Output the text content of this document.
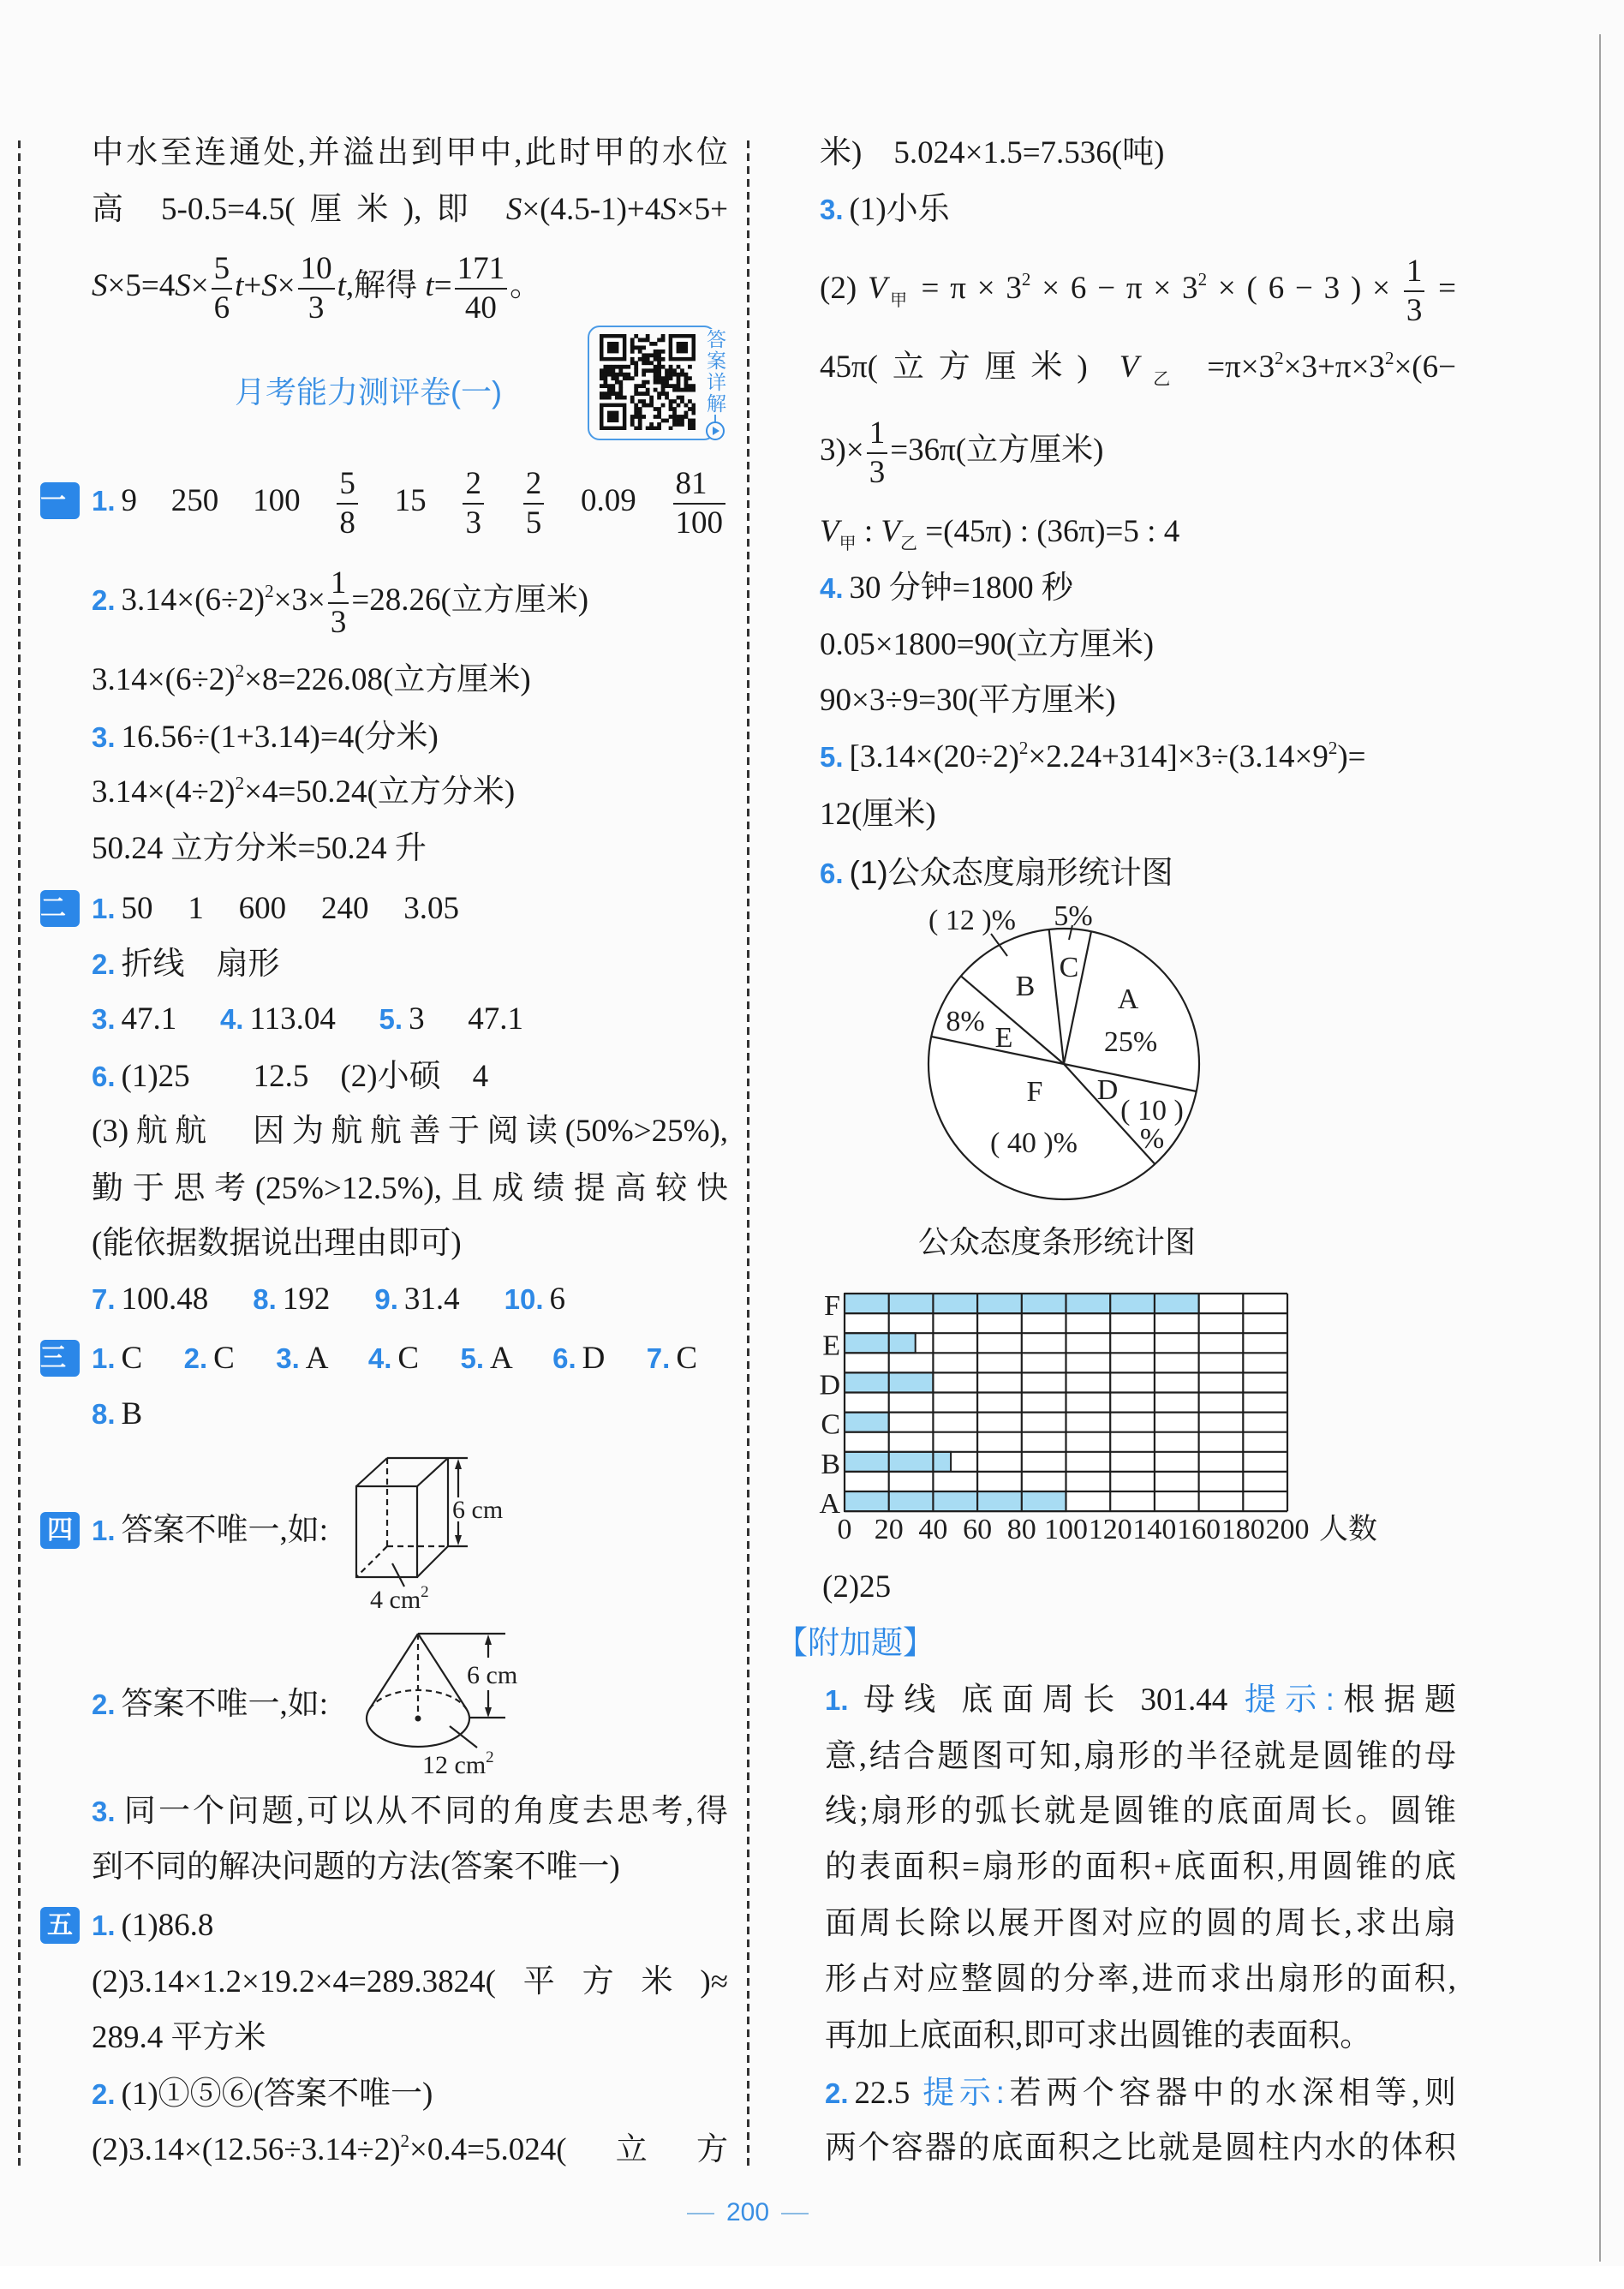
中水至连通处,并溢出到甲中,此时甲的水位
高 5-0.5=4.5(厘米),即 S×(4.5-1)+4S×5+
$S\times 5=4S\times \frac{5}{6} t+S\times \frac{10}{3} t$,解得 $t= \frac{171}{40}$ 。
月考能力测评卷(一)	答案详解
一 1. 9 250 $100 \frac{5}{8} 15 \frac{2}{3}$
$\frac{2}{5} 0.09 \frac{81}{100}$
2. $3.14\times(6\div 2)^2\times 3\times \frac{1}{3} =28.26$(立方厘米)
$3.14\times(6\div 2)^2\times 8=226.08$(立方厘米)
3. 16.56÷(1+3.14)=4(分米)
$3.14\times(4\div 2)^2\times 4=50.24$(立方分米)
50.24 立方分米=50.24 升
二 1. 50 1 600 240 3.05
2. 折线 扇形
3. 47.1 4. 113.04 5. 3 47.1
6. (1)25  12.5 (2)小硕 4
(3)航航 因为航航善于阅读(50%>25%),
勤于思考(25%>12.5%),且成绩提高较快
(能依据数据说出理由即可)
7. 100.48 8. 192 9. 31.4 10. 6
三 1. C 2. C 3. A 4. C 5. A 6. D 7. C
8. B
四 1. 答案不唯一,如:
2. 答案不唯一,如:
6 cm
4 $cm^2$
6 cm
12 $cm^2$
3. 同一个问题,可以从不同的角度去思考,得
到不同的解决问题的方法(答案不唯一)
五 1. (1)86.8
(2)3.14×1.2×19.2×4=289.3824(平方米)≈
289.4 平方米
2. (1)①⑤⑥(答案不唯一)
$(2)3.14\times(12.56\div 3.14\div 2)^2\times 0.4=5.024$(立方
米) 5.024×1.5=7.536(吨)
3. (1)小乐
(2) $V_甲 = \pi \times 3^2 \times 6 - \pi \times 3^2$ × ( 6 − 3 ) × $\frac{1}{3}$ =
45π(立方厘米) $V_乙 =\pi\times 3^2\times 3+\pi\times 3^2\times(6-$
$3)\times \frac{1}{3} =36\pi$(立方厘米)
$V_甲$ : $V_乙 =(45\pi)$ : (36π)=5 : 4
4. 30 分钟=1800 秒
0.05×1800=90(立方厘米)
90×3÷9=30(平方厘米)
5. $[3.14\times(20\div 2)^2\times 2.24+314]\times 3\div(3.14\times 9^2)=$
12(厘米)
6. (1)公众态度扇形统计图
( 12 )% 5%
C
B	A
25%
8%
E
F
( 40 )%
D
( 10 )
%
公众态度条形统计图
A
B
C
D
E
F
0 20 40 60 80 100 120 140 160 180 200 人数
(2)25
【附加题】
1. 母线 底面周长 301.44 提示:根据题
意,结合题图可知,扇形的半径就是圆锥的母
线;扇形的弧长就是圆锥的底面周长。圆锥
的表面积=扇形的面积+底面积,用圆锥的底
面周长除以展开图对应的圆的周长,求出扇
形占对应整圆的分率,进而求出扇形的面积,
再加上底面积,即可求出圆锥的表面积。
2. 22.5 提示:若两个容器中的水深相等,则
两个容器的底面积之比就是圆柱内水的体积
200
